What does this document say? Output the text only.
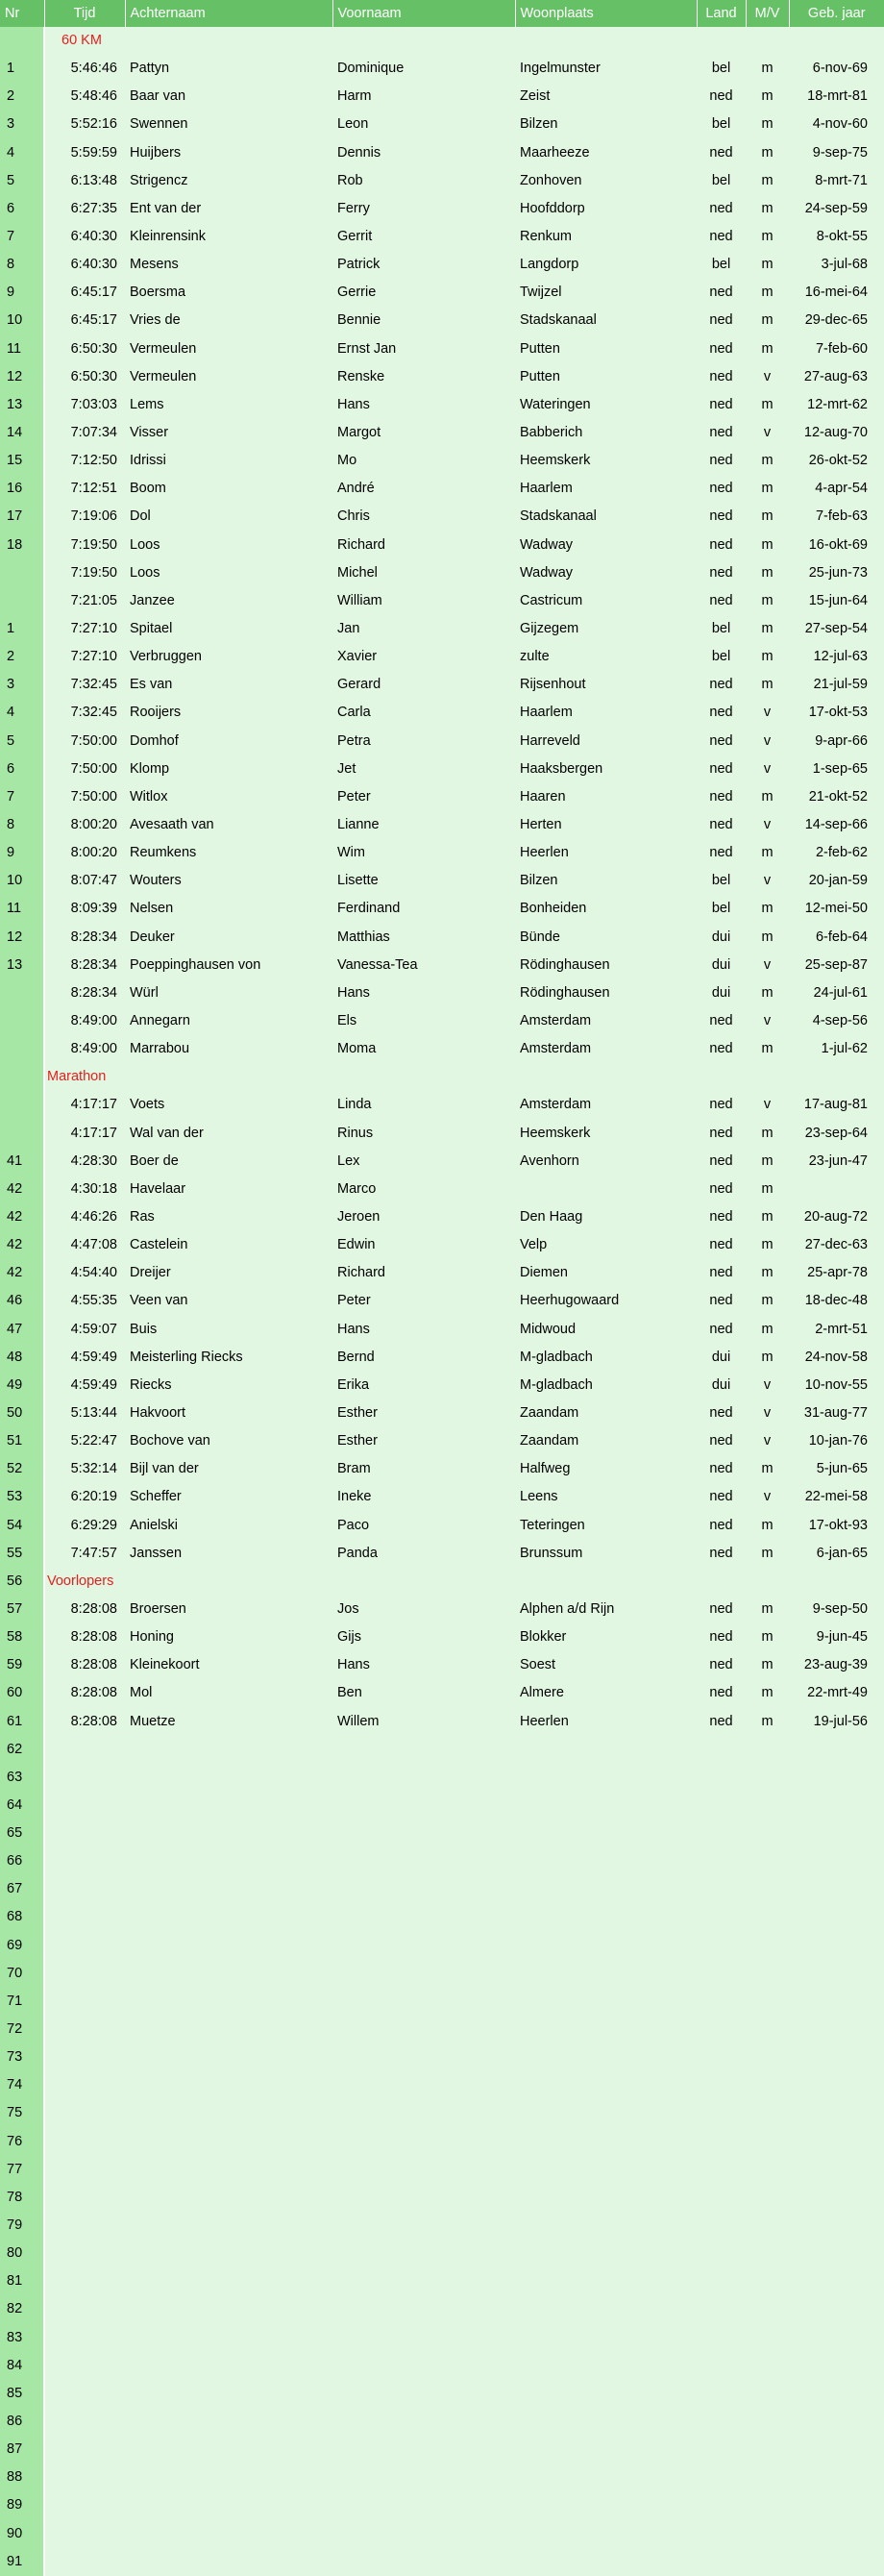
Nr	Tijd	Achternaam	Voornaam	Woonplaats	Land	M/V	Geb. jaar
	60 KM						
1	5:46:46	Pattyn	Dominique	Ingelmunster	bel	m	6-nov-69
2	5:48:46	Baar van	Harm	Zeist	ned	m	18-mrt-81
3	5:52:16	Swennen	Leon	Bilzen	bel	m	4-nov-60
4	5:59:59	Huijbers	Dennis	Maarheeze	ned	m	9-sep-75
5	6:13:48	Strigencz	Rob	Zonhoven	bel	m	8-mrt-71
6	6:27:35	Ent van der	Ferry	Hoofddorp	ned	m	24-sep-59
7	6:40:30	Kleinrensink	Gerrit	Renkum	ned	m	8-okt-55
8	6:40:30	Mesens	Patrick	Langdorp	bel	m	3-jul-68
9	6:45:17	Boersma	Gerrie	Twijzel	ned	m	16-mei-64
10	6:45:17	Vries de	Bennie	Stadskanaal	ned	m	29-dec-65
11	6:50:30	Vermeulen	Ernst Jan	Putten	ned	m	7-feb-60
12	6:50:30	Vermeulen	Renske	Putten	ned	v	27-aug-63
13	7:03:03	Lems	Hans	Wateringen	ned	m	12-mrt-62
14	7:07:34	Visser	Margot	Babberich	ned	v	12-aug-70
15	7:12:50	Idrissi	Mo	Heemskerk	ned	m	26-okt-52
16	7:12:51	Boom	André	Haarlem	ned	m	4-apr-54
17	7:19:06	Dol	Chris	Stadskanaal	ned	m	7-feb-63
18	7:19:50	Loos	Richard	Wadway	ned	m	16-okt-69
	7:19:50	Loos	Michel	Wadway	ned	m	25-jun-73
	7:21:05	Janzee	William	Castricum	ned	m	15-jun-64
1	7:27:10	Spitael	Jan	Gijzegem	bel	m	27-sep-54
2	7:27:10	Verbruggen	Xavier	zulte	bel	m	12-jul-63
3	7:32:45	Es van	Gerard	Rijsenhout	ned	m	21-jul-59
4	7:32:45	Rooijers	Carla	Haarlem	ned	v	17-okt-53
5	7:50:00	Domhof	Petra	Harreveld	ned	v	9-apr-66
6	7:50:00	Klomp	Jet	Haaksbergen	ned	v	1-sep-65
7	7:50:00	Witlox	Peter	Haaren	ned	m	21-okt-52
8	8:00:20	Avesaath van	Lianne	Herten	ned	v	14-sep-66
9	8:00:20	Reumkens	Wim	Heerlen	ned	m	2-feb-62
10	8:07:47	Wouters	Lisette	Bilzen	bel	v	20-jan-59
11	8:09:39	Nelsen	Ferdinand	Bonheiden	bel	m	12-mei-50
12	8:28:34	Deuker	Matthias	Bünde	dui	m	6-feb-64
13	8:28:34	Poeppinghausen von	Vanessa-Tea	Rödinghausen	dui	v	25-sep-87
	8:28:34	Würl	Hans	Rödinghausen	dui	m	24-jul-61
	8:49:00	Annegarn	Els	Amsterdam	ned	v	4-sep-56
	8:49:00	Marrabou	Moma	Amsterdam	ned	m	1-jul-62
	Marathon						
	4:17:17	Voets	Linda	Amsterdam	ned	v	17-aug-81
	4:17:17	Wal van der	Rinus	Heemskerk	ned	m	23-sep-64
41	4:28:30	Boer de	Lex	Avenhorn	ned	m	23-jun-47
42	4:30:18	Havelaar	Marco		ned	m	
42	4:46:26	Ras	Jeroen	Den Haag	ned	m	20-aug-72
42	4:47:08	Castelein	Edwin	Velp	ned	m	27-dec-63
42	4:54:40	Dreijer	Richard	Diemen	ned	m	25-apr-78
46	4:55:35	Veen van	Peter	Heerhugowaard	ned	m	18-dec-48
47	4:59:07	Buis	Hans	Midwoud	ned	m	2-mrt-51
48	4:59:49	Meisterling Riecks	Bernd	M-gladbach	dui	m	24-nov-58
49	4:59:49	Riecks	Erika	M-gladbach	dui	v	10-nov-55
50	5:13:44	Hakvoort	Esther	Zaandam	ned	v	31-aug-77
51	5:22:47	Bochove van	Esther	Zaandam	ned	v	10-jan-76
52	5:32:14	Bijl van der	Bram	Halfweg	ned	m	5-jun-65
53	6:20:19	Scheffer	Ineke	Leens	ned	v	22-mei-58
54	6:29:29	Anielski	Paco	Teteringen	ned	m	17-okt-93
55	7:47:57	Janssen	Panda	Brunssum	ned	m	6-jan-65
56	Voorlopers						
57	8:28:08	Broersen	Jos	Alphen a/d Rijn	ned	m	9-sep-50
58	8:28:08	Honing	Gijs	Blokker	ned	m	9-jun-45
59	8:28:08	Kleinekoort	Hans	Soest	ned	m	23-aug-39
60	8:28:08	Mol	Ben	Almere	ned	m	22-mrt-49
61	8:28:08	Muetze	Willem	Heerlen	ned	m	19-jul-56
62							
63							
64							
65							
66							
67							
68							
69							
70							
71							
72							
73							
74							
75							
76							
77							
78							
79							
80							
81							
82							
83							
84							
85							
86							
87							
88							
89							
90							
91							
